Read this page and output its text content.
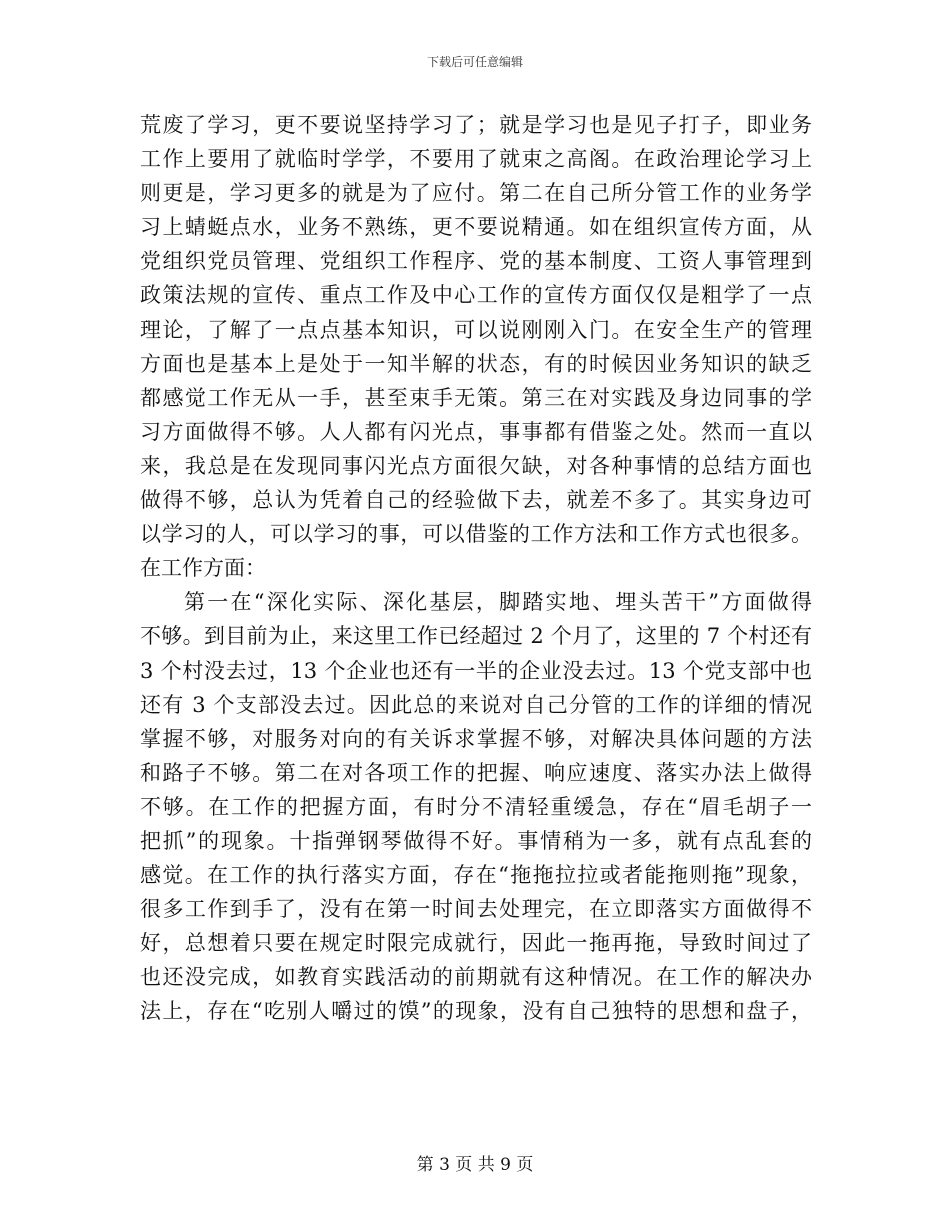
下载后可任意编辑
荒废了学习，更不要说坚持学习了；就是学习也是见子打子，即业务
工作上要用了就临时学学，不要用了就束之高阁。在政治理论学习上
则更是，学习更多的就是为了应付。第二在自己所分管工作的业务学
习上蜻蜓点水，业务不熟练，更不要说精通。如在组织宣传方面，从
党组织党员管理、党组织工作程序、党的基本制度、工资人事管理到
政策法规的宣传、重点工作及中心工作的宣传方面仅仅是粗学了一点
理论，了解了一点点基本知识，可以说刚刚入门。在安全生产的管理
方面也是基本上是处于一知半解的状态，有的时候因业务知识的缺乏
都感觉工作无从一手，甚至束手无策。第三在对实践及身边同事的学
习方面做得不够。人人都有闪光点，事事都有借鉴之处。然而一直以
来，我总是在发现同事闪光点方面很欠缺，对各种事情的总结方面也
做得不够，总认为凭着自己的经验做下去，就差不多了。其实身边可
以学习的人，可以学习的事，可以借鉴的工作方法和工作方式也很多。
在工作方面：
第一在“深化实际、深化基层，脚踏实地、埋头苦干”方面做得
不够。到目前为止，来这里工作已经超过 2 个月了，这里的 7 个村还有
3 个村没去过，13 个企业也还有一半的企业没去过。13 个党支部中也
还有 3 个支部没去过。因此总的来说对自己分管的工作的详细的情况
掌握不够，对服务对向的有关诉求掌握不够，对解决具体问题的方法
和路子不够。第二在对各项工作的把握、响应速度、落实办法上做得
不够。在工作的把握方面，有时分不清轻重缓急，存在“眉毛胡子一
把抓”的现象。十指弹钢琴做得不好。事情稍为一多，就有点乱套的
感觉。在工作的执行落实方面，存在“拖拖拉拉或者能拖则拖”现象，
很多工作到手了，没有在第一时间去处理完，在立即落实方面做得不
好，总想着只要在规定时限完成就行，因此一拖再拖，导致时间过了
也还没完成，如教育实践活动的前期就有这种情况。在工作的解决办
法上，存在“吃别人嚼过的馍”的现象，没有自己独特的思想和盘子，
第 3 页 共 9 页
